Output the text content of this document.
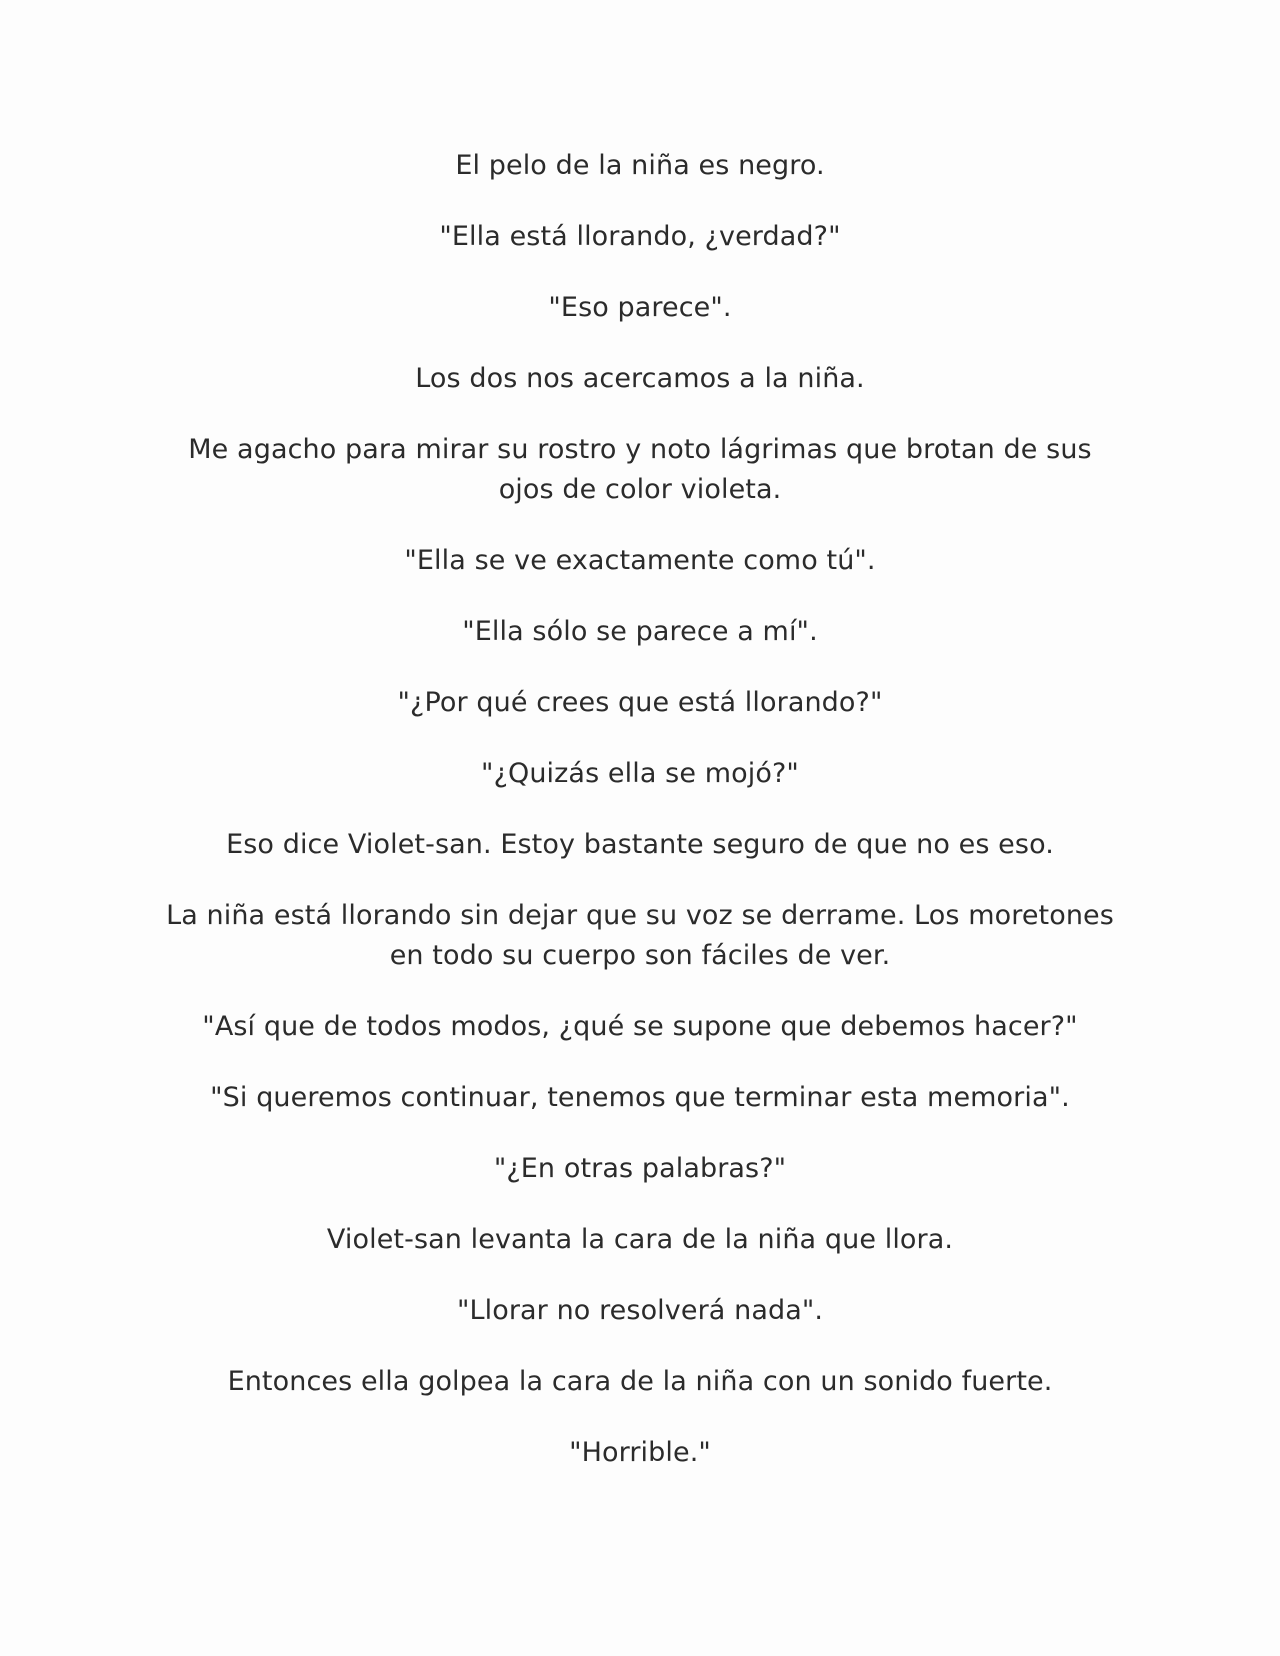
El pelo de la niña es negro.

"Ella está llorando, ¿verdad?"

"Eso parece".

Los dos nos acercamos a la niña.

Me agacho para mirar su rostro y noto lágrimas que brotan de sus ojos de color violeta.

"Ella se ve exactamente como tú".

"Ella sólo se parece a mí".

"¿Por qué crees que está llorando?"

"¿Quizás ella se mojó?"

Eso dice Violet-san. Estoy bastante seguro de que no es eso.

La niña está llorando sin dejar que su voz se derrame. Los moretones en todo su cuerpo son fáciles de ver.

"Así que de todos modos, ¿qué se supone que debemos hacer?"

"Si queremos continuar, tenemos que terminar esta memoria".

"¿En otras palabras?"

Violet-san levanta la cara de la niña que llora.

"Llorar no resolverá nada".

Entonces ella golpea la cara de la niña con un sonido fuerte.

"Horrible."
